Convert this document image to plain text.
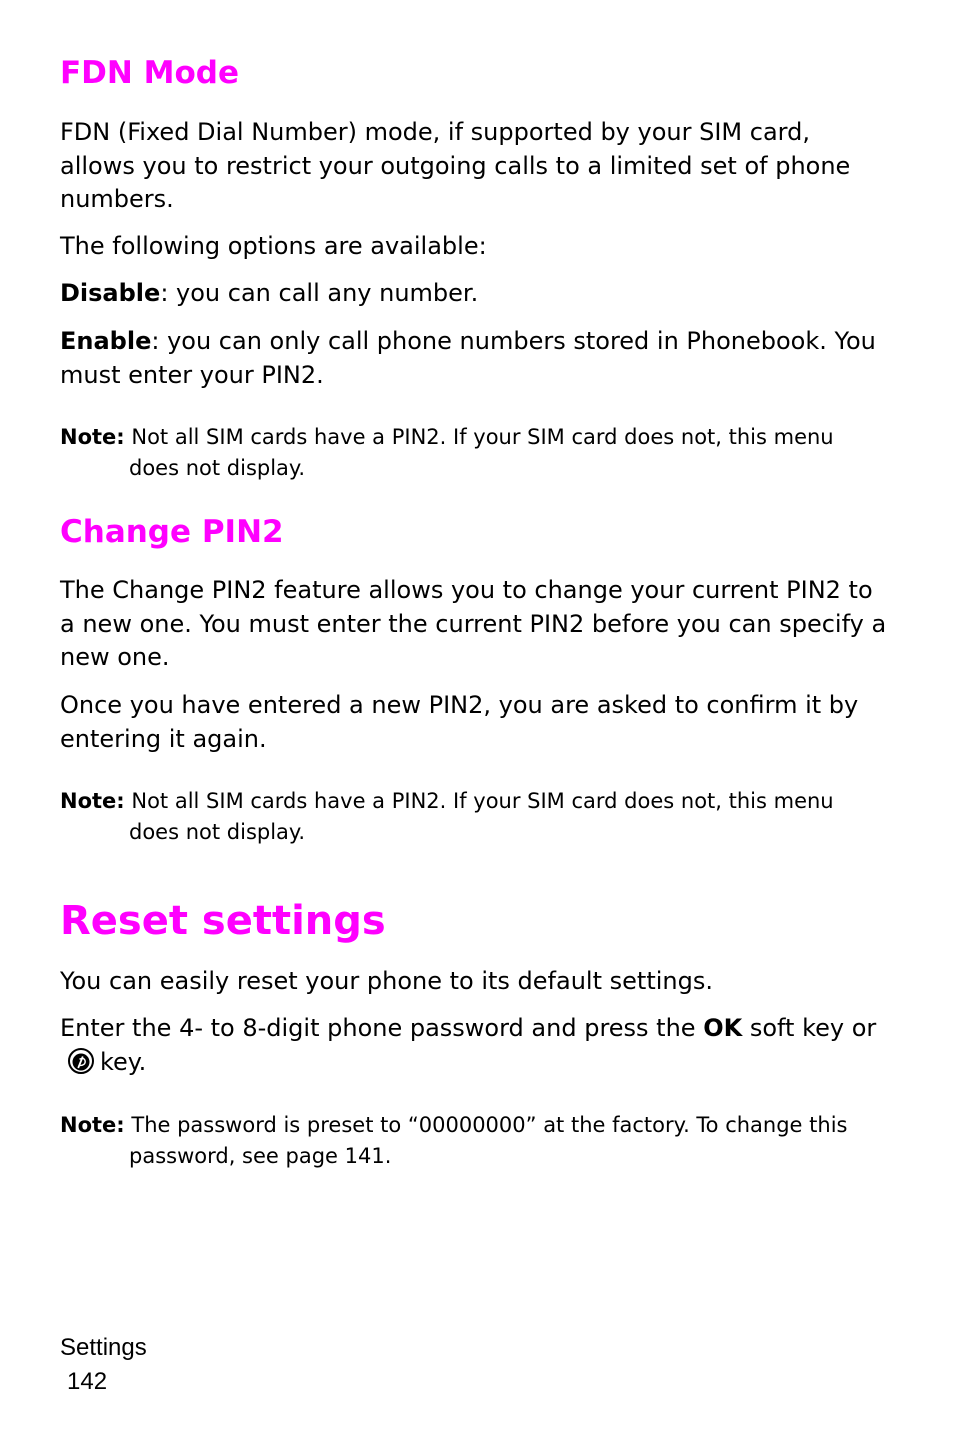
FDN Mode

FDN (Fixed Dial Number) mode, if supported by your SIM card, allows you to restrict your outgoing calls to a limited set of phone numbers.

The following options are available:

Disable: you can call any number.

Enable: you can only call phone numbers stored in Phonebook. You must enter your PIN2.

Note: Not all SIM cards have a PIN2. If your SIM card does not, this menu does not display.

Change PIN2

The Change PIN2 feature allows you to change your current PIN2 to a new one. You must enter the current PIN2 before you can specify a new one.

Once you have entered a new PIN2, you are asked to confirm it by entering it again.

Note: Not all SIM cards have a PIN2. If your SIM card does not, this menu does not display.

Reset settings

You can easily reset your phone to its default settings.

Enter the 4- to 8-digit phone password and press the OK soft key orkey.

Note: The password is preset to “00000000” at the factory. To change this password, see page 141.

Settings
142
